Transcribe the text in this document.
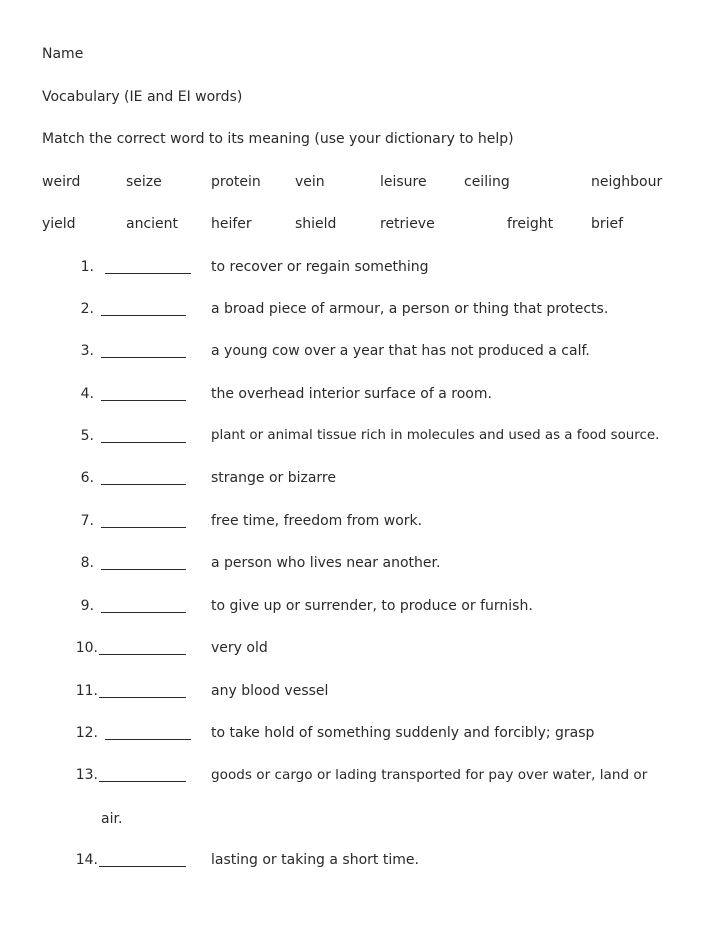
Name
Vocabulary (IE and EI words)
Match the correct word to its meaning (use your dictionary to help)
weird	seize	protein vein	leisure	ceiling	neighbour
yield	ancient heifer	shield	retrieve	freight	brief
1.	to recover or regain something
2.	a broad piece of armour, a person or thing that protects.
3.	a young cow over a year that has not produced a calf.
4.	the overhead interior surface of a room.
5.	plant or animal tissue rich in molecules and used as a food source.
6.	strange or bizarre
7.	free time, freedom from work.
8.	a person who lives near another.
9.	to give up or surrender, to produce or furnish.
10.	very old
11.	any blood vessel
12.	to take hold of something suddenly and forcibly; grasp
13.	goods or cargo or lading transported for pay over water, land or
air.
14.	lasting or taking a short time.
